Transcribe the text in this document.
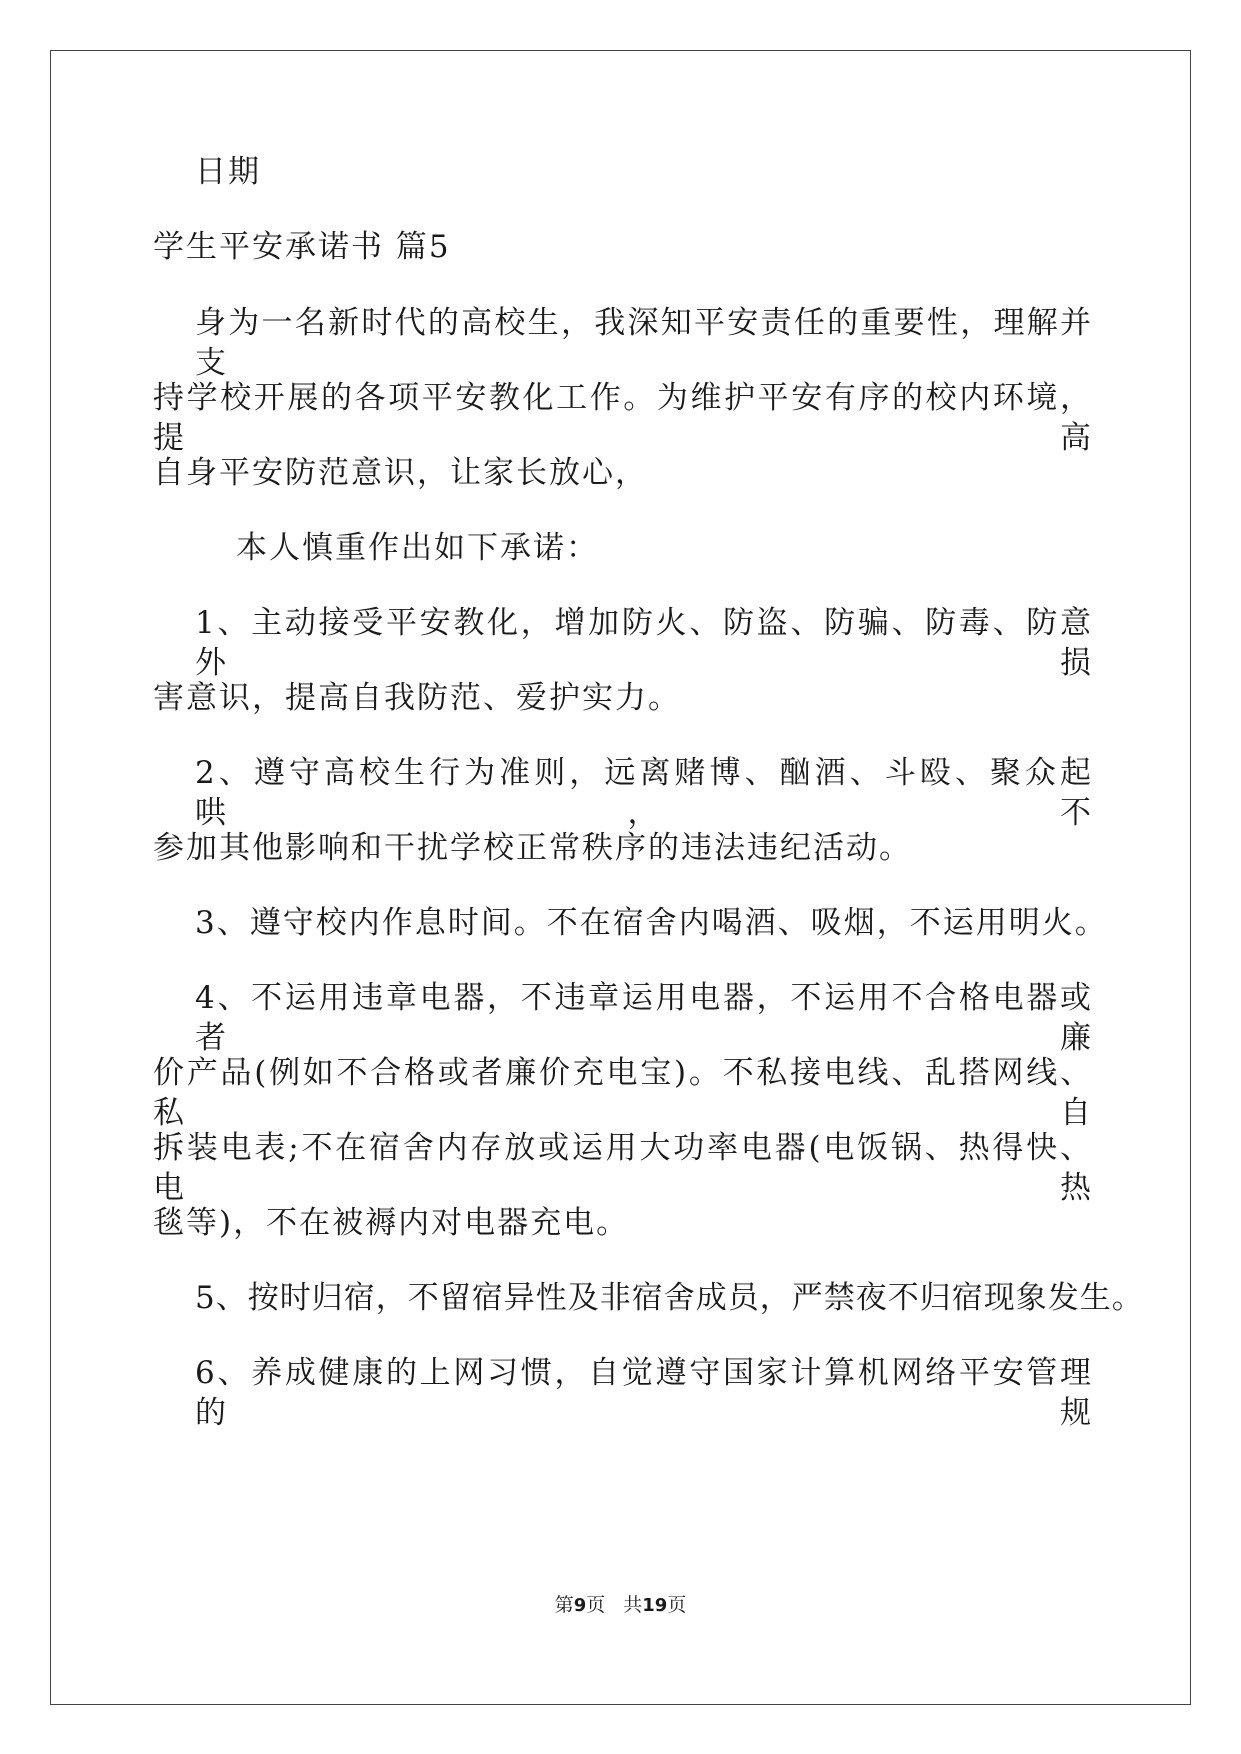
日期
学生平安承诺书 篇5
身为一名新时代的高校生，我深知平安责任的重要性，理解并支
持学校开展的各项平安教化工作。为维护平安有序的校内环境，提高
自身平安防范意识，让家长放心，
本人慎重作出如下承诺：
1、主动接受平安教化，增加防火、防盗、防骗、防毒、防意外损
害意识，提高自我防范、爱护实力。
2、遵守高校生行为准则，远离赌博、酗酒、斗殴、聚众起哄，不
参加其他影响和干扰学校正常秩序的违法违纪活动。
3、遵守校内作息时间。不在宿舍内喝酒、吸烟，不运用明火。
4、不运用违章电器，不违章运用电器，不运用不合格电器或者廉
价产品(例如不合格或者廉价充电宝)。不私接电线、乱搭网线、私自
拆装电表;不在宿舍内存放或运用大功率电器(电饭锅、热得快、电热
毯等)，不在被褥内对电器充电。
5、按时归宿，不留宿异性及非宿舍成员，严禁夜不归宿现象发生。
6、养成健康的上网习惯，自觉遵守国家计算机网络平安管理的规
第9页 共19页
